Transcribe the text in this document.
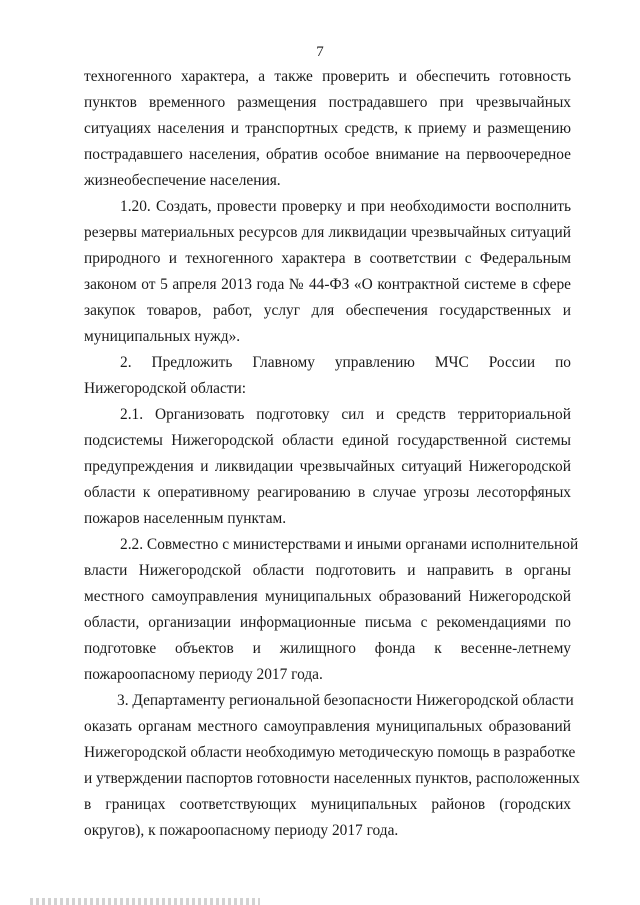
7
техногенного характера, а также проверить и обеспечить готовность
пунктов временного размещения пострадавшего при чрезвычайных
ситуациях населения и транспортных средств, к приему и размещению
пострадавшего населения, обратив особое внимание на первоочередное
жизнеобеспечение населения.
1.20. Создать, провести проверку и при необходимости восполнить
резервы материальных ресурсов для ликвидации чрезвычайных ситуаций
природного и техногенного характера в соответствии с Федеральным
законом от 5 апреля 2013 года № 44-ФЗ «О контрактной системе в сфере
закупок товаров, работ, услуг для обеспечения государственных и
муниципальных нужд».
2. Предложить Главному управлению МЧС России по
Нижегородской области:
2.1. Организовать подготовку сил и средств территориальной
подсистемы Нижегородской области единой государственной системы
предупреждения и ликвидации чрезвычайных ситуаций Нижегородской
области к оперативному реагированию в случае угрозы лесоторфяных
пожаров населенным пунктам.
2.2. Совместно с министерствами и иными органами исполнительной
власти Нижегородской области подготовить и направить в органы
местного самоуправления муниципальных образований Нижегородской
области, организации информационные письма с рекомендациями по
подготовке объектов и жилищного фонда к весенне-летнему
пожароопасному периоду 2017 года.
3. Департаменту региональной безопасности Нижегородской области
оказать органам местного самоуправления муниципальных образований
Нижегородской области необходимую методическую помощь в разработке
и утверждении паспортов готовности населенных пунктов, расположенных
в границах соответствующих муниципальных районов (городских
округов), к пожароопасному периоду 2017 года.
